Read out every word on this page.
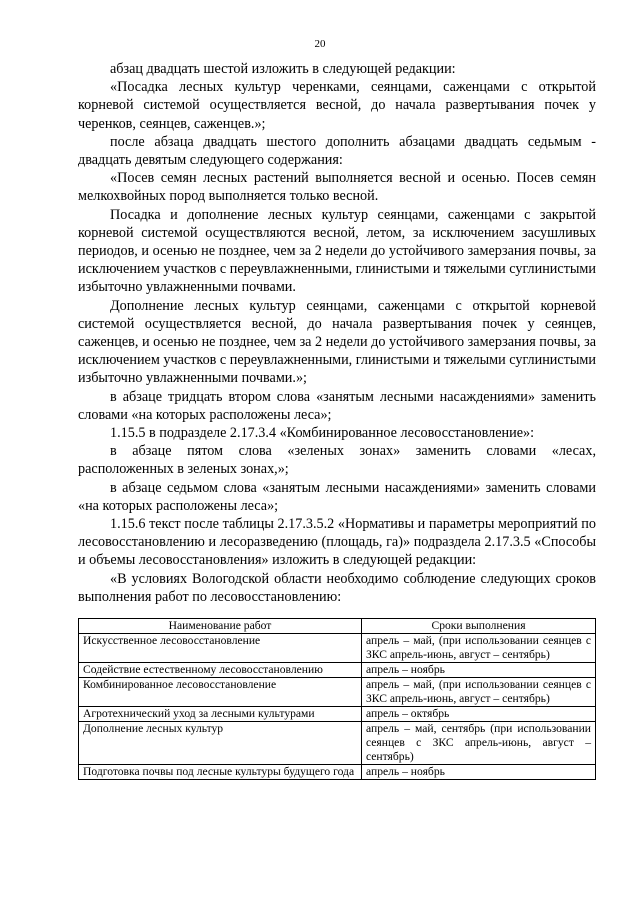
20

абзац двадцать шестой изложить в следующей редакции:

«Посадка лесных культур черенками, сеянцами, саженцами с открытой корневой системой осуществляется весной, до начала развертывания почек у черенков, сеянцев, саженцев.»;

после абзаца двадцать шестого дополнить абзацами двадцать седьмым - двадцать девятым следующего содержания:

«Посев семян лесных растений выполняется весной и осенью. Посев семян мелкохвойных пород выполняется только весной.

Посадка и дополнение лесных культур сеянцами, саженцами с закрытой корневой системой осуществляются весной, летом, за исключением засушливых периодов, и осенью не позднее, чем за 2 недели до устойчивого замерзания почвы, за исключением участков с переувлажненными, глинистыми и тяжелыми суглинистыми избыточно увлажненными почвами.

Дополнение лесных культур сеянцами, саженцами с открытой корневой системой осуществляется весной, до начала развертывания почек у сеянцев, саженцев, и осенью не позднее, чем за 2 недели до устойчивого замерзания почвы, за исключением участков с переувлажненными, глинистыми и тяжелыми суглинистыми избыточно увлажненными почвами.»;

в абзаце тридцать втором слова «занятым лесными насаждениями» заменить словами «на которых расположены леса»;

1.15.5 в подразделе 2.17.3.4 «Комбинированное лесовосстановление»:

в абзаце пятом слова «зеленых зонах» заменить словами «лесах, расположенных в зеленых зонах,»;

в абзаце седьмом слова «занятым лесными насаждениями» заменить словами «на которых расположены леса»;

1.15.6 текст после таблицы 2.17.3.5.2 «Нормативы и параметры мероприятий по лесовосстановлению и лесоразведению (площадь, га)» подраздела 2.17.3.5 «Способы и объемы лесовосстановления» изложить в следующей редакции:

«В условиях Вологодской области необходимо соблюдение следующих сроков выполнения работ по лесовосстановлению:

Наименование работ	Сроки выполнения
Искусственное лесовосстановление	апрель – май, (при использовании сеянцев с ЗКС апрель-июнь, август – сентябрь)
Содействие естественному лесовосстановлению	апрель – ноябрь
Комбинированное лесовосстановление	апрель – май, (при использовании сеянцев с ЗКС апрель-июнь, август – сентябрь)
Агротехнический уход за лесными культурами	апрель – октябрь
Дополнение лесных культур	апрель – май, сентябрь (при использовании сеянцев с ЗКС апрель-июнь, август – сентябрь)
Подготовка почвы под лесные культуры будущего года	апрель – ноябрь
